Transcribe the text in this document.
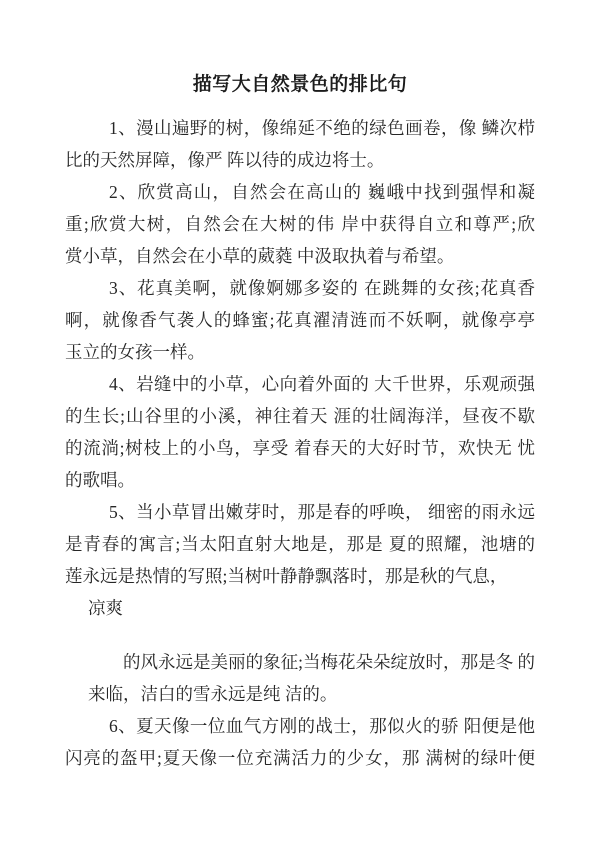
描写大自然景色的排比句

1、漫山遍野的树，像绵延不绝的绿色画卷，像 鳞次栉

比的天然屏障，像严 阵以待的成边将士。

2、欣赏高山，自然会在高山的 巍峨中找到强悍和凝

重;欣赏大树，自然会在大树的伟 岸中获得自立和尊严;欣

赏小草，自然会在小草的葳蕤 中汲取执着与希望。

3、花真美啊，就像婀娜多姿的 在跳舞的女孩;花真香

啊，就像香气袭人的蜂蜜;花真濯清涟而不妖啊，就像亭亭

玉立的女孩一样。

4、岩缝中的小草，心向着外面的 大千世界，乐观顽强

的生长;山谷里的小溪，神往着天 涯的壮阔海洋，昼夜不歇

的流淌;树枝上的小鸟，享受 着春天的大好时节，欢快无 忧

的歌唱。

5、当小草冒出嫩芽时，那是春的呼唤， 细密的雨永远

是青春的寓言;当太阳直射大地是，那是 夏的照耀，池塘的

莲永远是热情的写照;当树叶静静飘落时，那是秋的气息，

凉爽

的风永远是美丽的象征;当梅花朵朵绽放时，那是冬 的

来临，洁白的雪永远是纯 洁的。

6、夏天像一位血气方刚的战士，那似火的骄 阳便是他

闪亮的盔甲;夏天像一位充满活力的少女，那 满树的绿叶便
